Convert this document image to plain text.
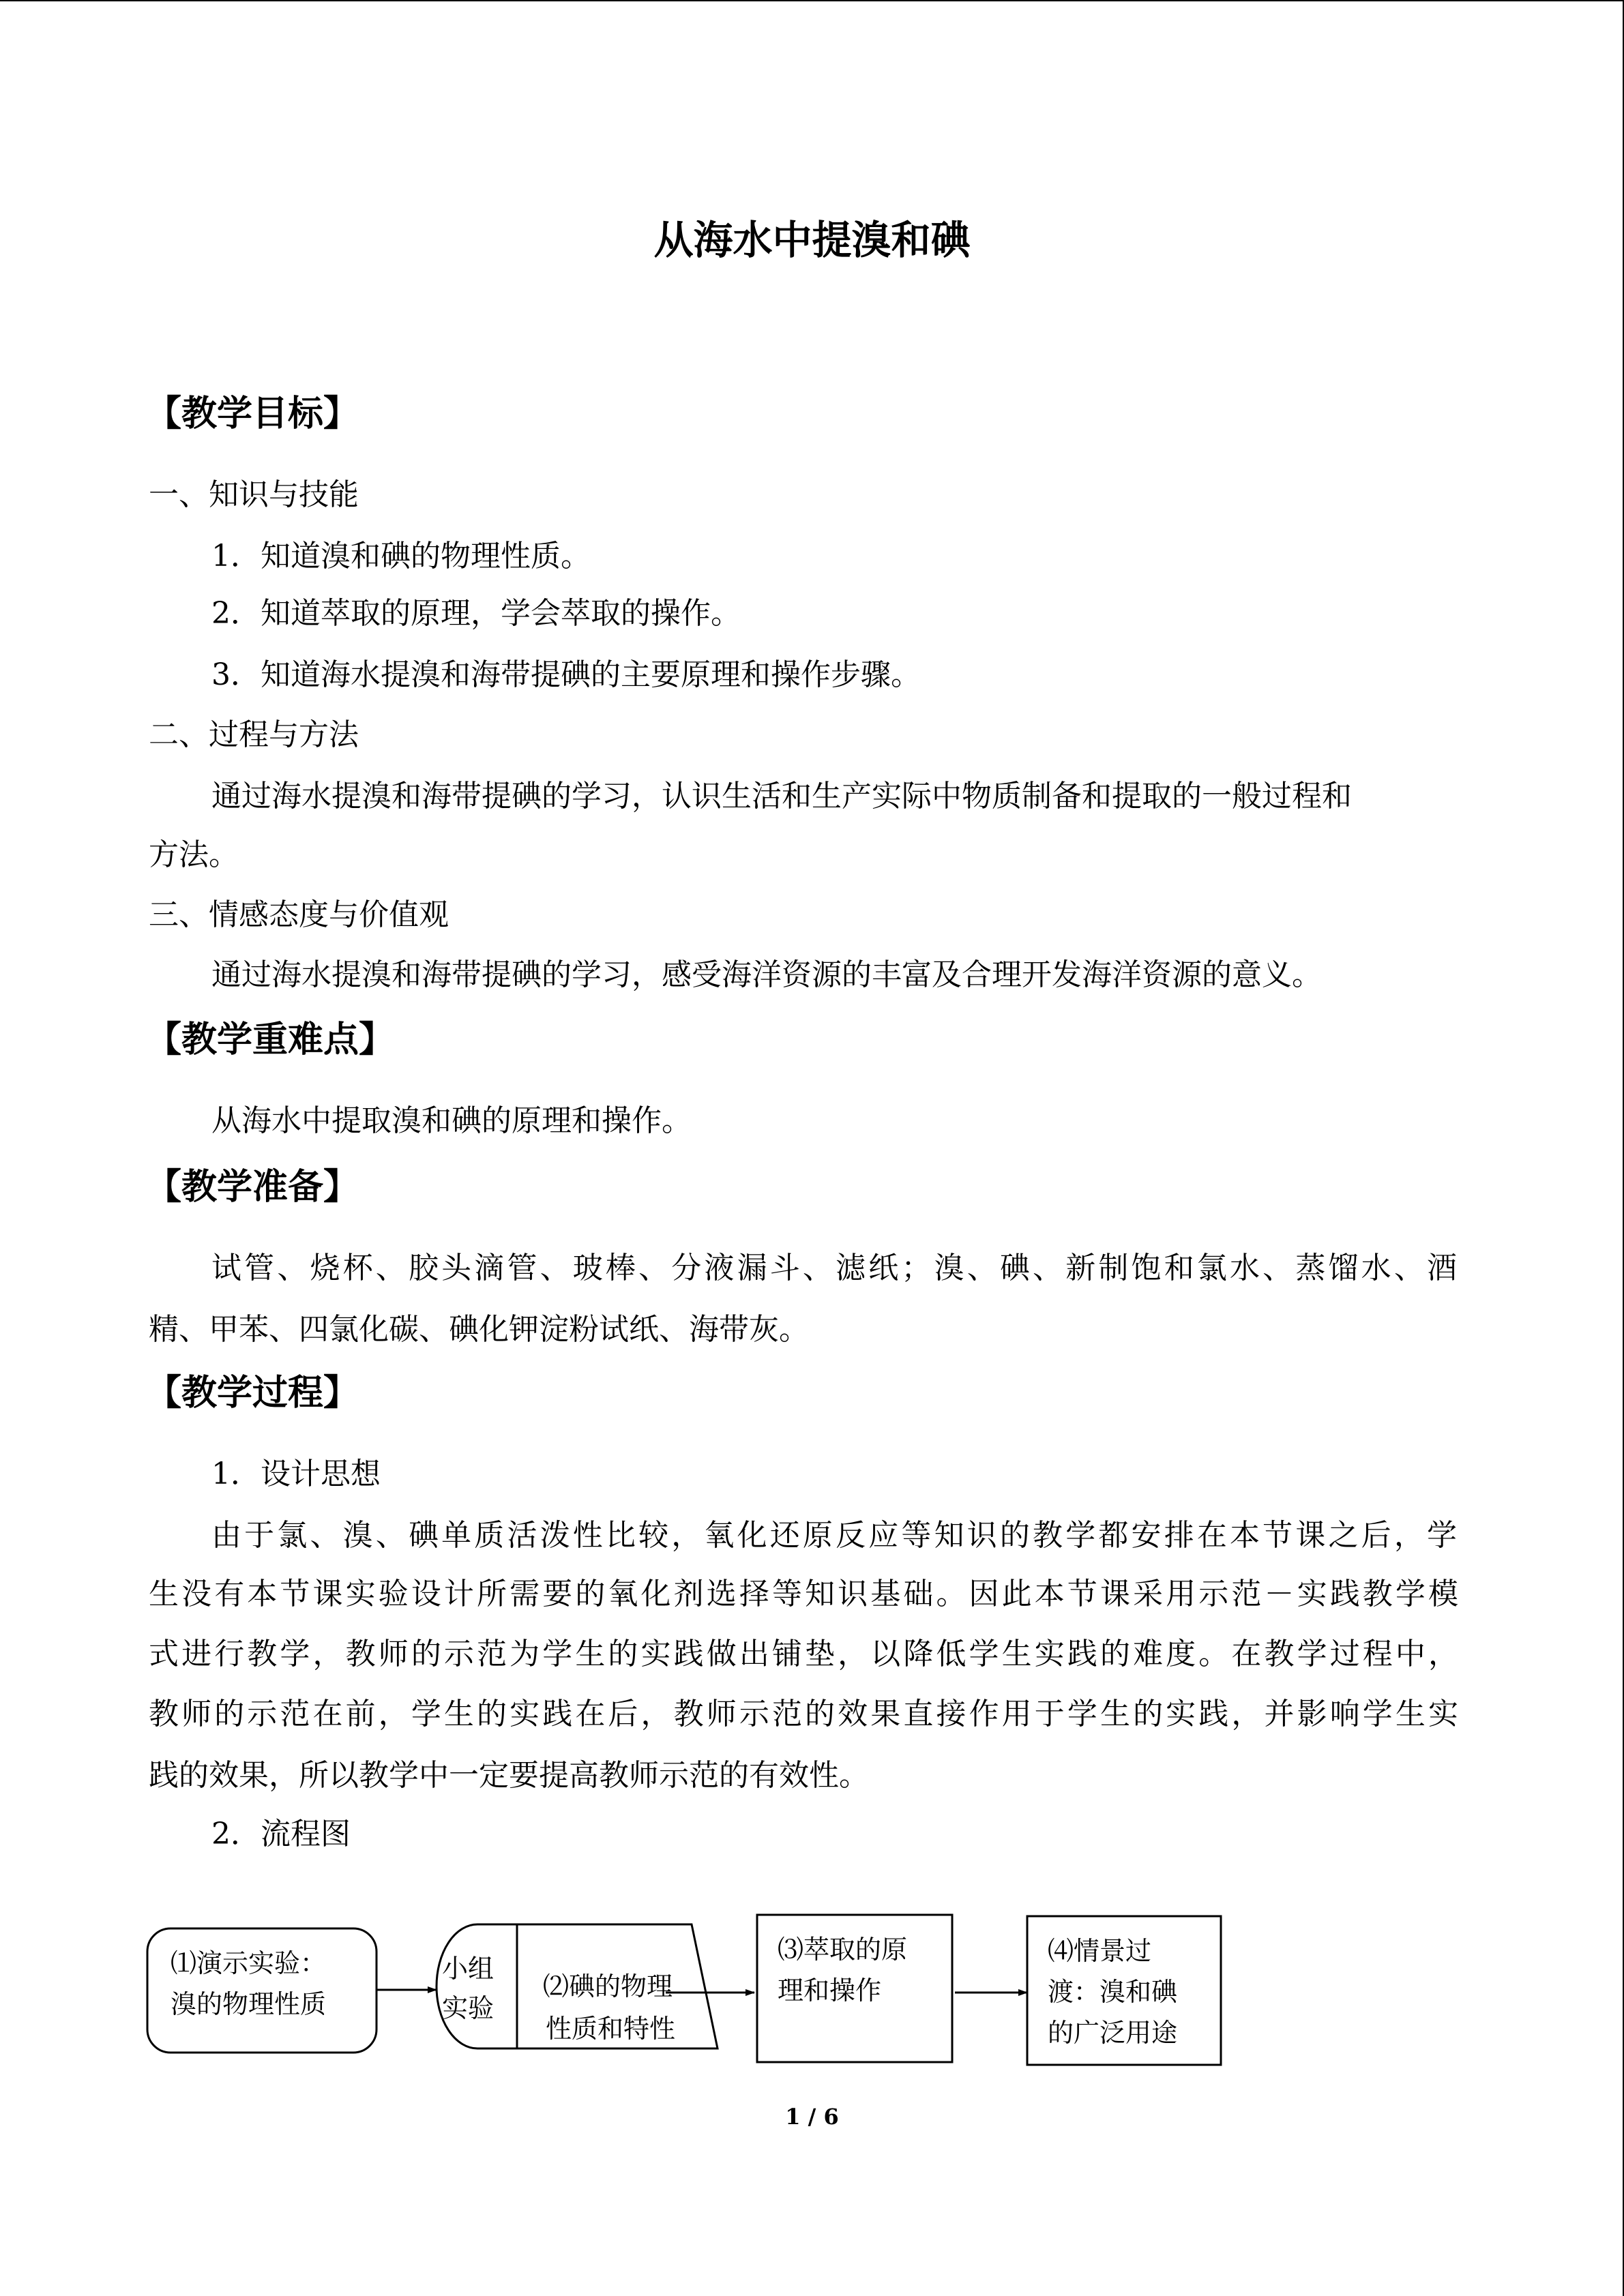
从海水中提溴和碘
【教学目标】
一、知识与技能
1．知道溴和碘的物理性质。
2．知道萃取的原理，学会萃取的操作。
3．知道海水提溴和海带提碘的主要原理和操作步骤。
二、过程与方法
通过海水提溴和海带提碘的学习，认识生活和生产实际中物质制备和提取的一般过程和
方法。
三、情感态度与价值观
通过海水提溴和海带提碘的学习，感受海洋资源的丰富及合理开发海洋资源的意义。
【教学重难点】
从海水中提取溴和碘的原理和操作。
【教学准备】
试管、烧杯、胶头滴管、玻棒、分液漏斗、滤纸；溴、碘、新制饱和氯水、蒸馏水、酒
精、甲苯、四氯化碳、碘化钾淀粉试纸、海带灰。
【教学过程】
1．设计思想
由于氯、溴、碘单质活泼性比较，氧化还原反应等知识的教学都安排在本节课之后，学
生没有本节课实验设计所需要的氧化剂选择等知识基础。因此本节课采用示范－实践教学模
式进行教学，教师的示范为学生的实践做出铺垫，以降低学生实践的难度。在教学过程中，
教师的示范在前，学生的实践在后，教师示范的效果直接作用于学生的实践，并影响学生实
践的效果，所以教学中一定要提高教师示范的有效性。
2．流程图
⑴演示实验：
溴的物理性质
小组
实验
⑵碘的物理
性质和特性
⑶萃取的原
理和操作
⑷情景过
渡：溴和碘
的广泛用途
1 / 6
